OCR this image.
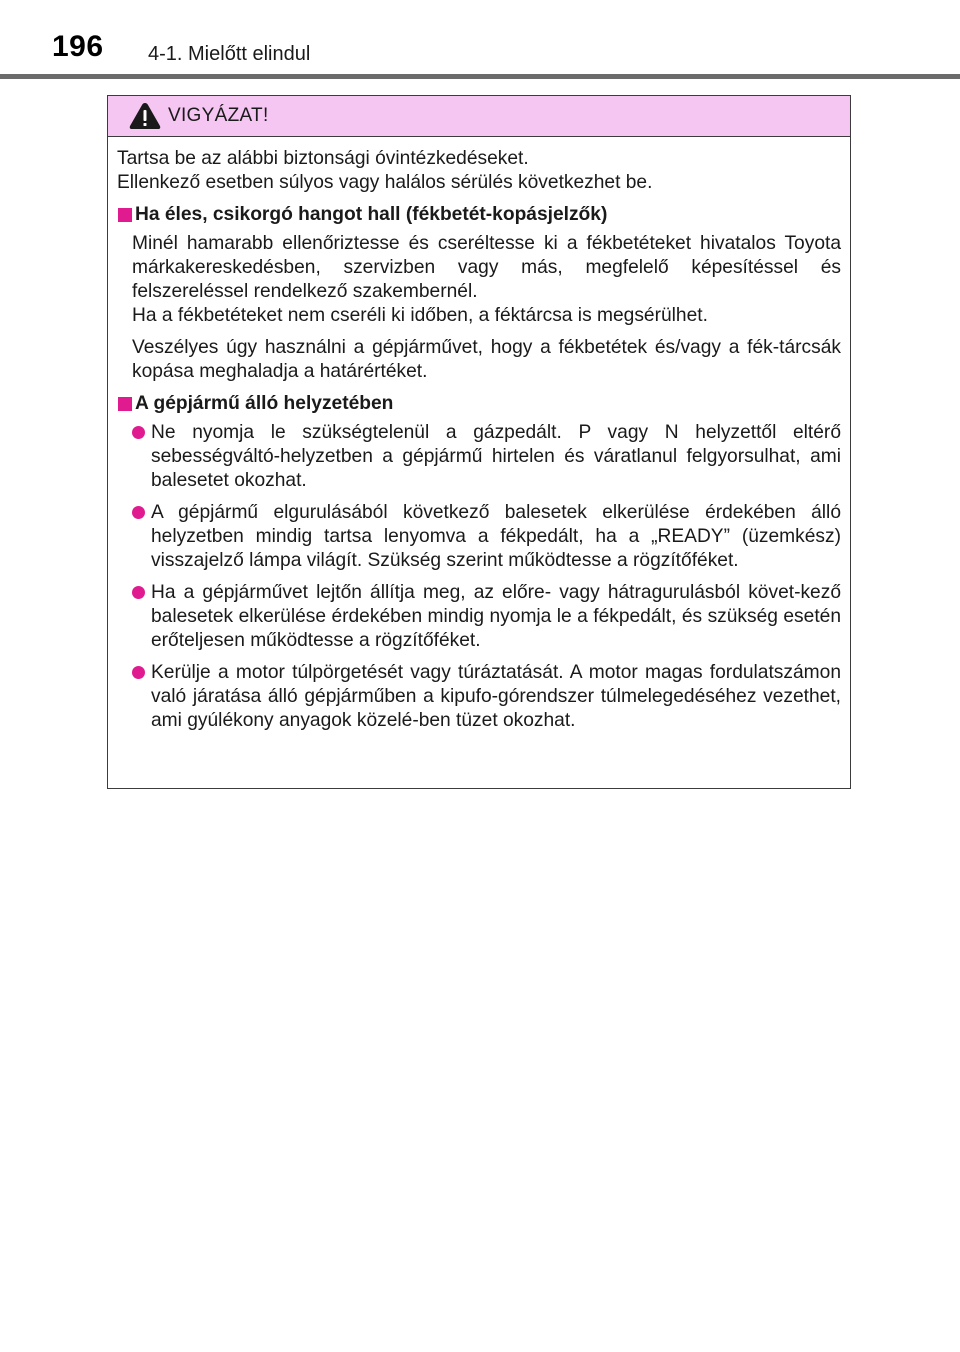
196 4-1. Mielőtt elindul
VIGYÁZAT!

Tartsa be az alábbi biztonsági óvintézkedéseket.

Ellenkező esetben súlyos vagy halálos sérülés következhet be.

Ha éles, csikorgó hangot hall (fékbetét-kopásjelzők)

Minél hamarabb ellenőriztesse és cseréltesse ki a fékbetéteket hivatalos Toyota márkakereskedésben, szervizben vagy más, megfelelő képesítéssel és felszereléssel rendelkező szakembernél.

Ha a fékbetéteket nem cseréli ki időben, a féktárcsa is megsérülhet.

Veszélyes úgy használni a gépjárművet, hogy a fékbetétek és/vagy a fék-tárcsák kopása meghaladja a határértéket.

A gépjármű álló helyzetében
Ne nyomja le szükségtelenül a gázpedált. P vagy N helyzettől eltérő sebességváltó-helyzetben a gépjármű hirtelen és váratlanul felgyorsulhat, ami balesetet okozhat.
A gépjármű elgurulásából következő balesetek elkerülése érdekében álló helyzetben mindig tartsa lenyomva a fékpedált, ha a „READY” (üzemkész) visszajelző lámpa világít. Szükség szerint működtesse a rögzítőféket.
Ha a gépjárművet lejtőn állítja meg, az előre- vagy hátragurulásból követ-kező balesetek elkerülése érdekében mindig nyomja le a fékpedált, és szükség esetén erőteljesen működtesse a rögzítőféket.
Kerülje a motor túlpörgetését vagy túráztatását. A motor magas fordulatszámon való járatása álló gépjárműben a kipufo-górendszer túlmelegedéséhez vezethet, ami gyúlékony anyagok közelé-ben tüzet okozhat.
